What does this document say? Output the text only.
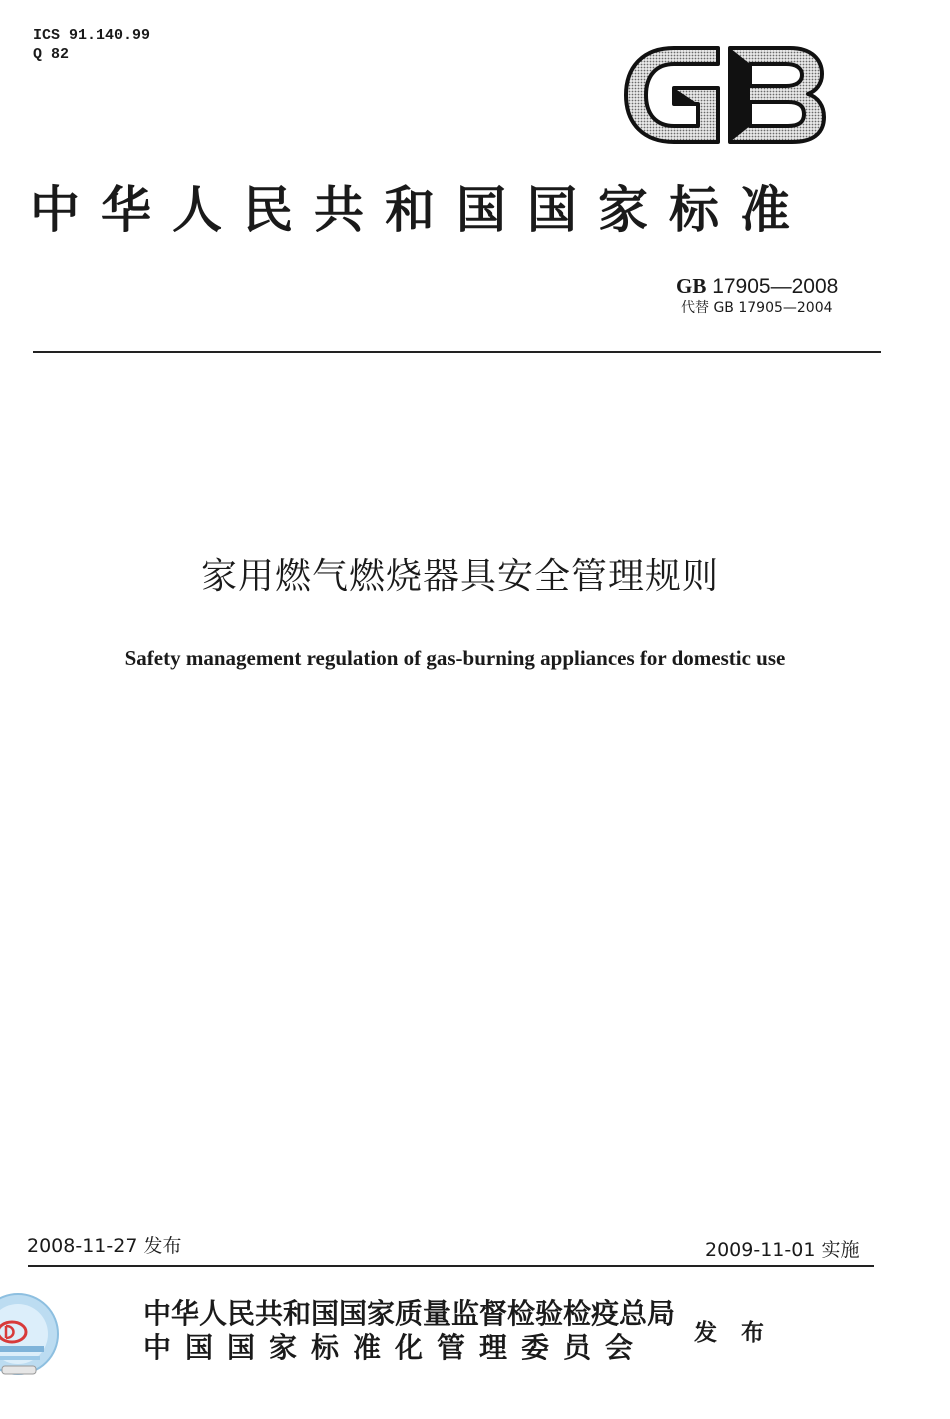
ICS 91.140.99
Q 82
中华人民共和国国家标准
GB 17905—2008
代替 GB 17905—2004
家用燃气燃烧器具安全管理规则
Safety management regulation of gas-burning appliances for domestic use
2008-11-27 发布	2009-11-01 实施
中华人民共和国国家质量监督检验检疫总局
中国国家标准化管理委员会 发 布
